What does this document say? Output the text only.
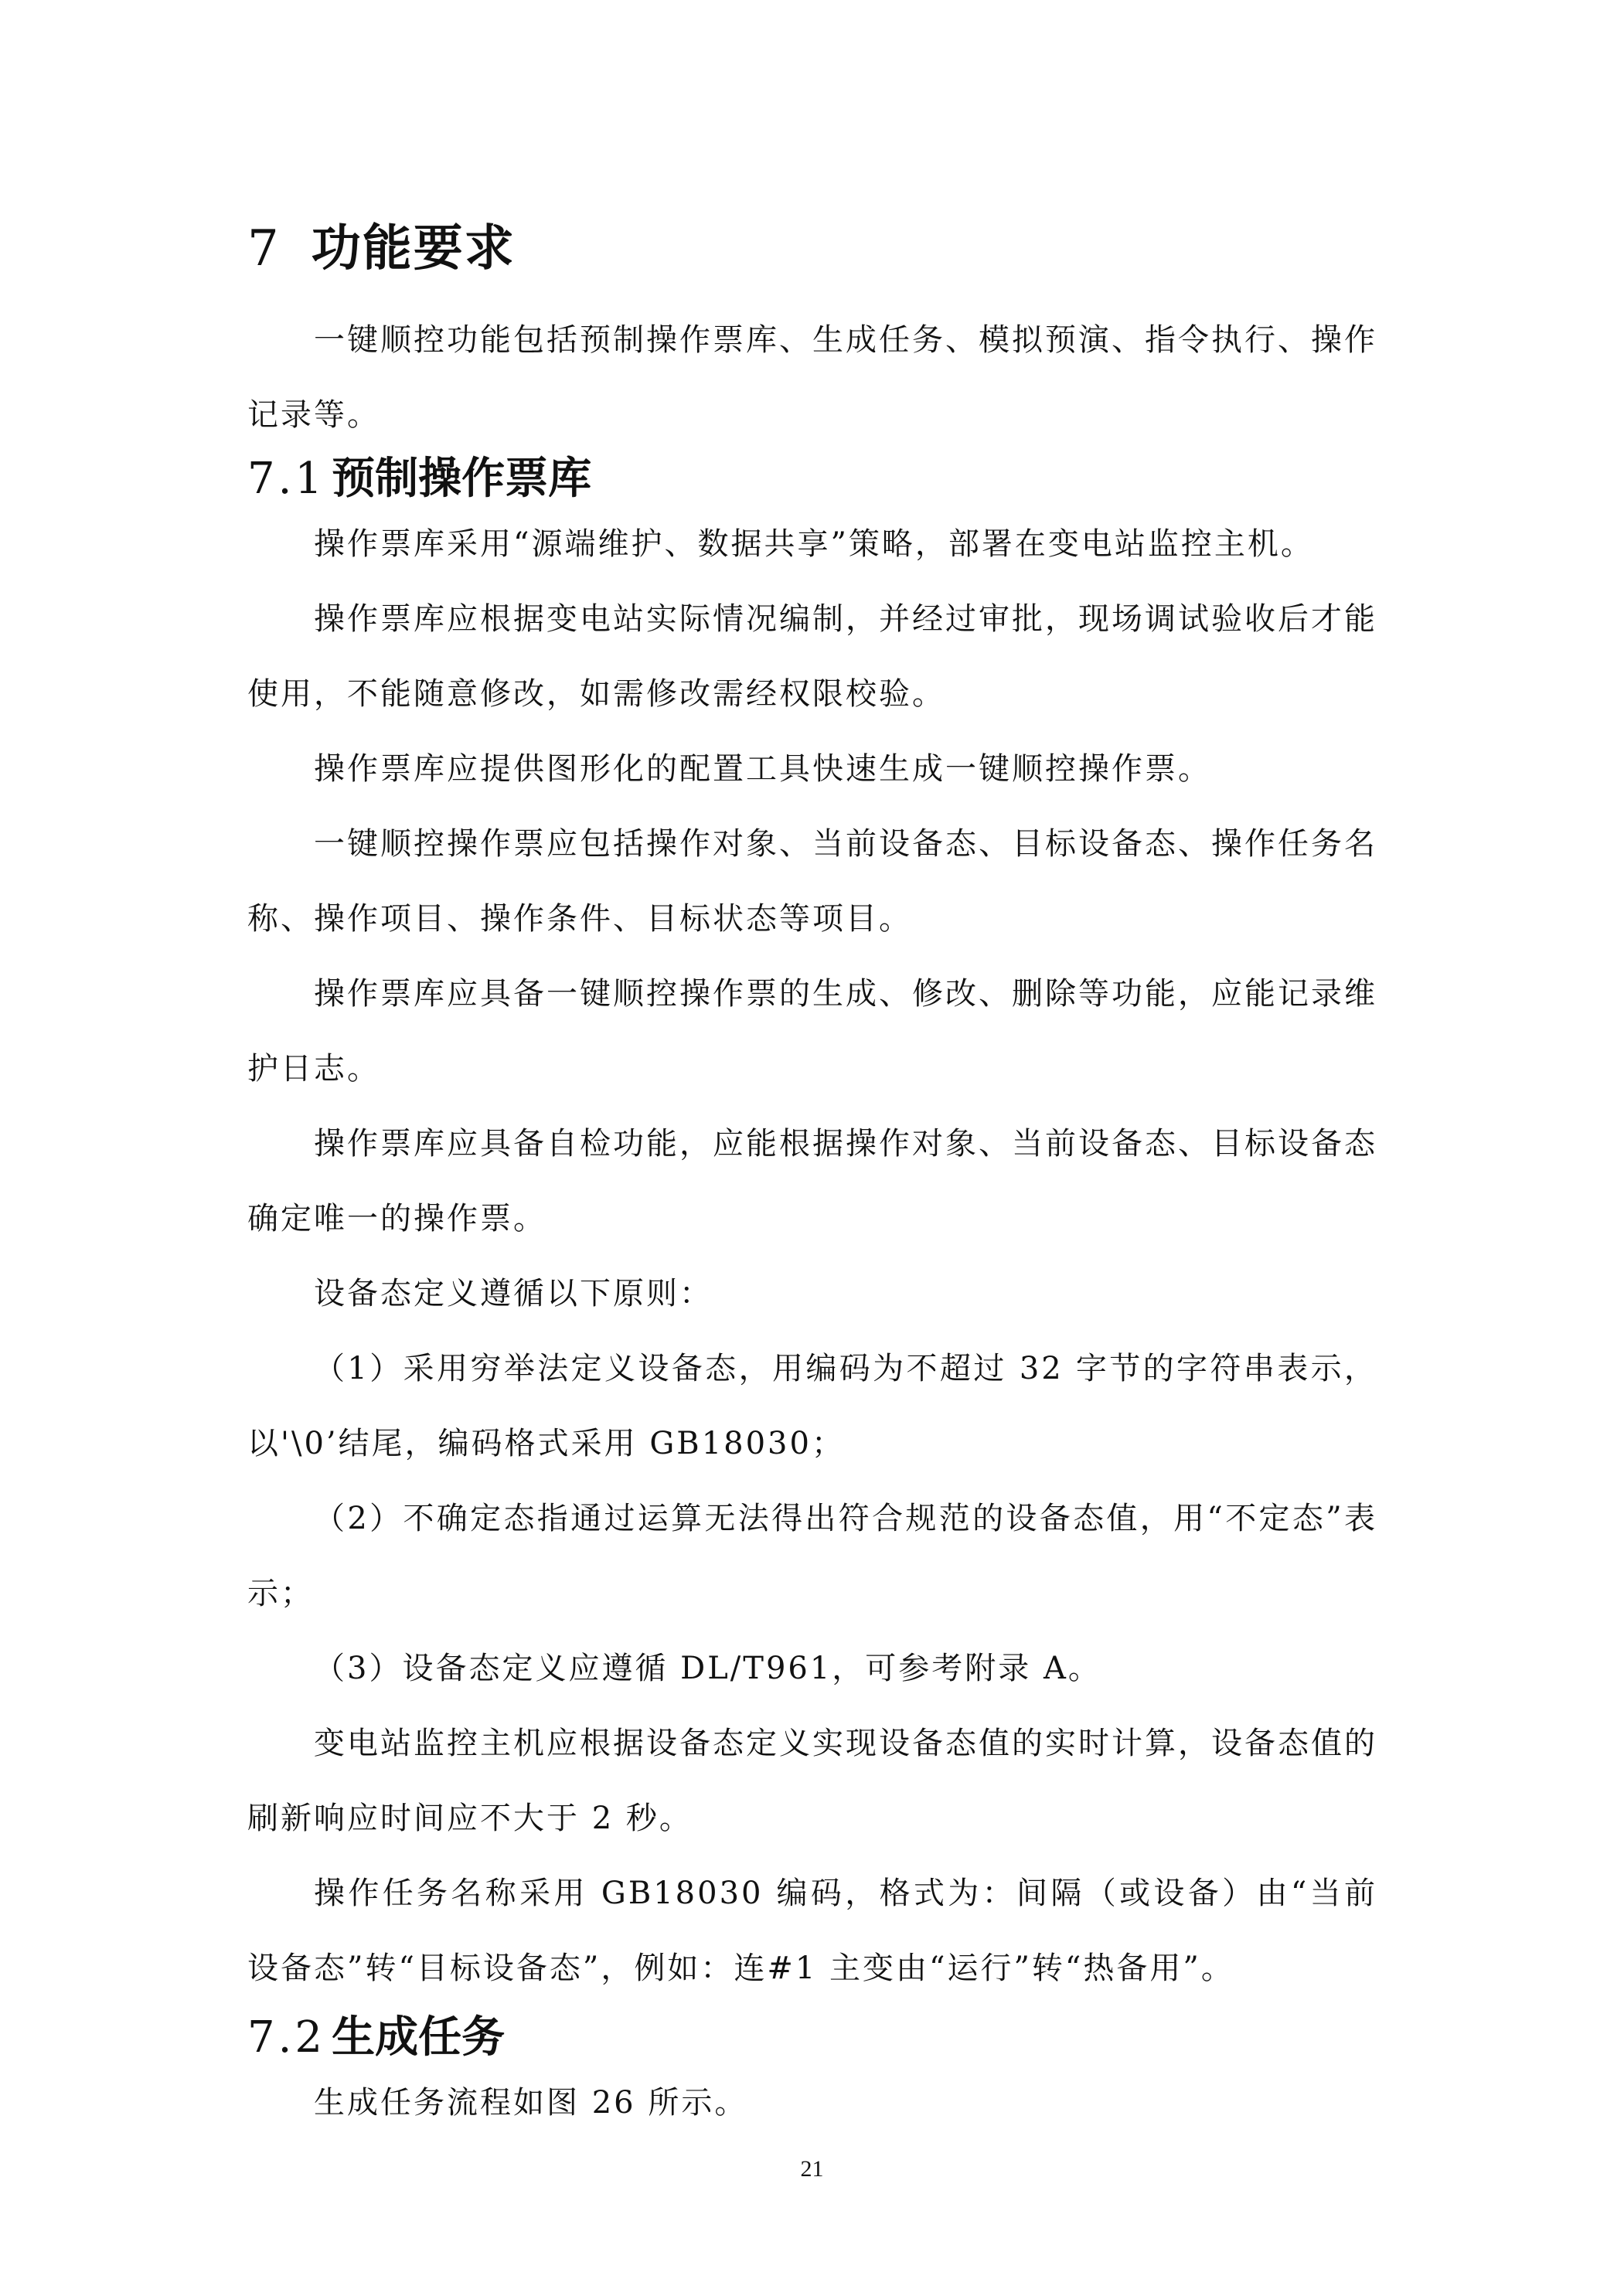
7 功能要求

一键顺控功能包括预制操作票库、生成任务、模拟预演、指令执行、操作记录等。

7.1 预制操作票库

操作票库采用“源端维护、数据共享”策略，部署在变电站监控主机。

操作票库应根据变电站实际情况编制，并经过审批，现场调试验收后才能使用，不能随意修改，如需修改需经权限校验。

操作票库应提供图形化的配置工具快速生成一键顺控操作票。

一键顺控操作票应包括操作对象、当前设备态、目标设备态、操作任务名称、操作项目、操作条件、目标状态等项目。

操作票库应具备一键顺控操作票的生成、修改、删除等功能，应能记录维护日志。

操作票库应具备自检功能，应能根据操作对象、当前设备态、目标设备态确定唯一的操作票。

设备态定义遵循以下原则：

（1）采用穷举法定义设备态，用编码为不超过 32 字节的字符串表示，以'\0’结尾，编码格式采用 GB18030；

（2）不确定态指通过运算无法得出符合规范的设备态值，用“不定态”表示；

（3）设备态定义应遵循 DL/T961，可参考附录 A。

变电站监控主机应根据设备态定义实现设备态值的实时计算，设备态值的刷新响应时间应不大于 2 秒。

操作任务名称采用 GB18030 编码，格式为：间隔（或设备）由“当前设备态”转“目标设备态”，例如：连#1 主变由“运行”转“热备用”。

7.2 生成任务

生成任务流程如图 26 所示。

21
